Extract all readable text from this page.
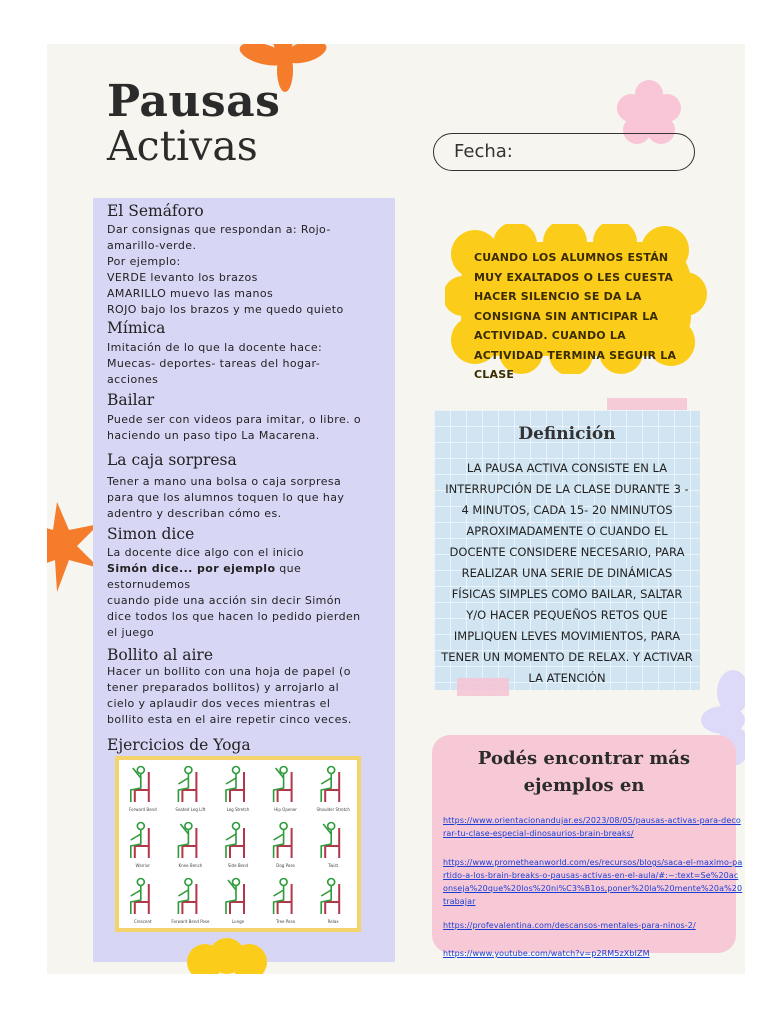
Pausas
Activas	Fecha:
El Semáforo
Dar consignas que respondan a: Rojo-
amarillo-verde.
Por ejemplo:
VERDE levanto los brazos
AMARILLO muevo las manos
ROJO bajo los brazos y me quedo quieto
Mímica
Imitación de lo que la docente hace:
Muecas- deportes- tareas del hogar-
acciones
Bailar
Puede ser con videos para imitar, o libre. o
haciendo un paso tipo La Macarena.
La caja sorpresa
Tener a mano una bolsa o caja sorpresa
para que los alumnos toquen lo que hay
adentro y describan cómo es.
Simon dice
La docente dice algo con el inicio
Simón dice... por ejemplo que
estornudemos
cuando pide una acción sin decir Simón
dice todos los que hacen lo pedido pierden
el juego
Bollito al aire
Hacer un bollito con una hoja de papel (o
tener preparados bollitos) y arrojarlo al
cielo y aplaudir dos veces mientras el
bollito esta en el aire repetir cinco veces.
Ejercicios de Yoga
Forward Bend	Seated Leg Lift	Leg Stretch	Hip Opener	Shoulder Stretch
Warrior	Knee Bench	Side Bend	Dog Pose	Twist
Crescent	Forward Bend Pose	Lunge	Tree Pose	Relax
CUANDO LOS ALUMNOS ESTÁN MUY EXALTADOS O LES CUESTA HACER SILENCIO SE DA LA CONSIGNA SIN ANTICIPAR LA ACTIVIDAD. CUANDO LA ACTIVIDAD TERMINA SEGUIR LA CLASE
Definición
LA PAUSA ACTIVA CONSISTE EN LA INTERRUPCIÓN DE LA CLASE DURANTE 3 - 4 MINUTOS, CADA 15- 20 NMINUTOS APROXIMADAMENTE O CUANDO EL DOCENTE CONSIDERE NECESARIO, PARA REALIZAR UNA SERIE DE DINÁMICAS FÍSICAS SIMPLES COMO BAILAR, SALTAR Y/O HACER PEQUEÑOS RETOS QUE IMPLIQUEN LEVES MOVIMIENTOS, PARA TENER UN MOMENTO DE RELAX. Y ACTIVAR LA ATENCIÓN
Podés encontrar más ejemplos en
https://www.orientacionandujar.es/2023/08/05/pausas-activas-para-decorar-tu-clase-especial-dinosaurios-brain-breaks/
https://www.prometheanworld.com/es/recursos/blogs/saca-el-maximo-partido-a-los-brain-breaks-o-pausas-activas-en-el-aula/#:~:text=Se%20aconseja%20que%20los%20ni%C3%B1os,poner%20la%20mente%20a%20trabajar
https://profevalentina.com/descansos-mentales-para-ninos-2/
https://www.youtube.com/watch?v=p2RM5zXbIZM
